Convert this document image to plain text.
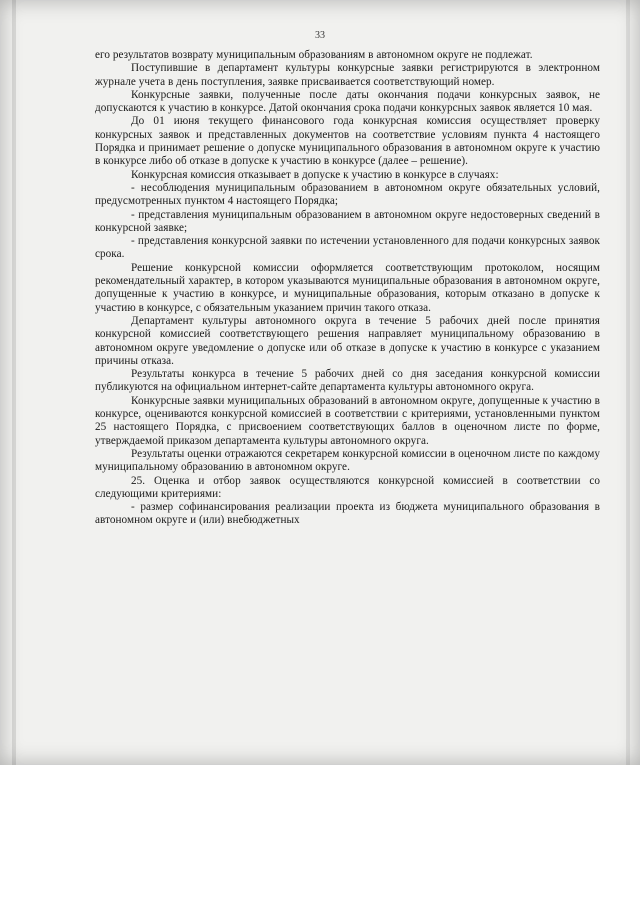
33

его результатов возврату муниципальным образованиям в автономном округе не подлежат.

Поступившие в департамент культуры конкурсные заявки регистрируются в электронном журнале учета в день поступления, заявке присваивается соответствующий номер.

Конкурсные заявки, полученные после даты окончания подачи конкурсных заявок, не допускаются к участию в конкурсе. Датой окончания срока подачи конкурсных заявок является 10 мая.

До 01 июня текущего финансового года конкурсная комиссия осуществляет проверку конкурсных заявок и представленных документов на соответствие условиям пункта 4 настоящего Порядка и принимает решение о допуске муниципального образования в автономном округе к участию в конкурсе либо об отказе в допуске к участию в конкурсе (далее – решение).

Конкурсная комиссия отказывает в допуске к участию в конкурсе в случаях:

- несоблюдения муниципальным образованием в автономном округе обязательных условий, предусмотренных пунктом 4 настоящего Порядка;

- представления муниципальным образованием в автономном округе недостоверных сведений в конкурсной заявке;

- представления конкурсной заявки по истечении установленного для подачи конкурсных заявок срока.

Решение конкурсной комиссии оформляется соответствующим протоколом, носящим рекомендательный характер, в котором указываются муниципальные образования в автономном округе, допущенные к участию в конкурсе, и муниципальные образования, которым отказано в допуске к участию в конкурсе, с обязательным указанием причин такого отказа.

Департамент культуры автономного округа в течение 5 рабочих дней после принятия конкурсной комиссией соответствующего решения направляет муниципальному образованию в автономном округе уведомление о допуске или об отказе в допуске к участию в конкурсе с указанием причины отказа.

Результаты конкурса в течение 5 рабочих дней со дня заседания конкурсной комиссии публикуются на официальном интернет-сайте департамента культуры автономного округа.

Конкурсные заявки муниципальных образований в автономном округе, допущенные к участию в конкурсе, оцениваются конкурсной комиссией в соответствии с критериями, установленными пунктом 25 настоящего Порядка, с присвоением соответствующих баллов в оценочном листе по форме, утверждаемой приказом департамента культуры автономного округа.

Результаты оценки отражаются секретарем конкурсной комиссии в оценочном листе по каждому муниципальному образованию в автономном округе.

25. Оценка и отбор заявок осуществляются конкурсной комиссией в соответствии со следующими критериями:

- размер софинансирования реализации проекта из бюджета муниципального образования в автономном округе и (или) внебюджетных
